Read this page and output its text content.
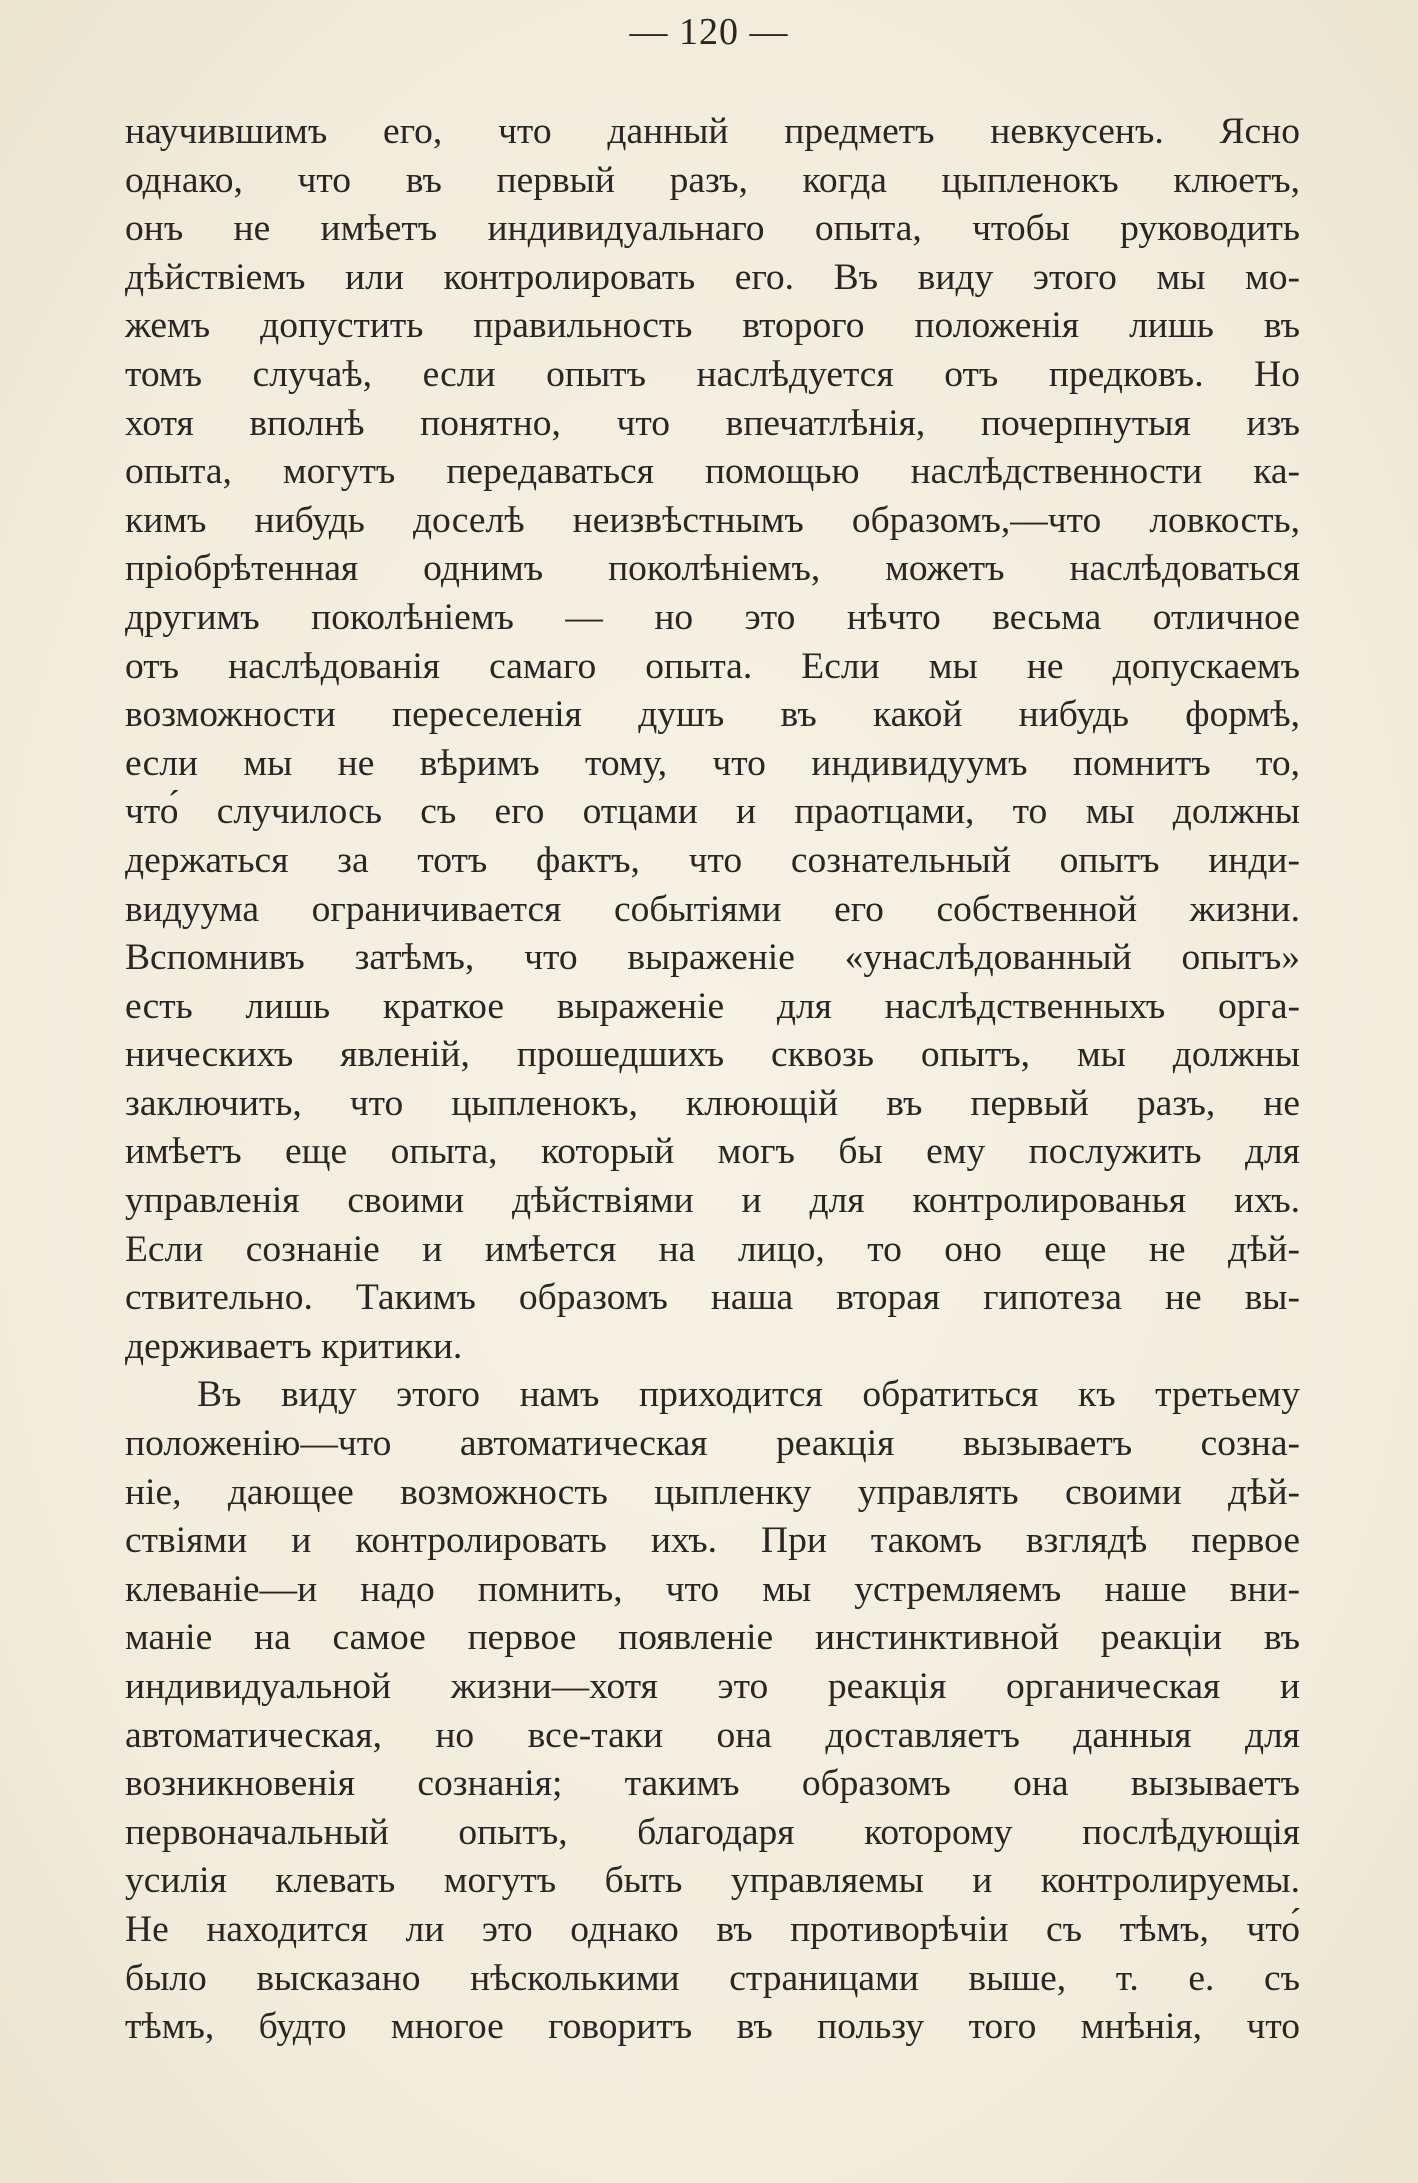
— 120 —
научившимъ его, что данный предметъ невкусенъ. Ясно
однако, что въ первый разъ, когда цыпленокъ клюетъ,
онъ не имѣетъ индивидуальнаго опыта, чтобы руководить
дѣйствіемъ или контролировать его. Въ виду этого мы мо-
жемъ допустить правильность второго положенія лишь въ
томъ случаѣ, если опытъ наслѣдуется отъ предковъ. Но
хотя вполнѣ понятно, что впечатлѣнія, почерпнутыя изъ
опыта, могутъ передаваться помощью наслѣдственности ка-
кимъ нибудь доселѣ неизвѣстнымъ образомъ,—что ловкость,
пріобрѣтенная однимъ поколѣніемъ, можетъ наслѣдоваться
другимъ поколѣніемъ — но это нѣчто весьма отличное
отъ наслѣдованія самаго опыта. Если мы не допускаемъ
возможности переселенія душъ въ какой нибудь формѣ,
если мы не вѣримъ тому, что индивидуумъ помнитъ то,
что́ случилось съ его отцами и праотцами, то мы должны
держаться за тотъ фактъ, что сознательный опытъ инди-
видуума ограничивается событіями его собственной жизни.
Вспомнивъ затѣмъ, что выраженіе «унаслѣдованный опытъ»
есть лишь краткое выраженіе для наслѣдственныхъ орга-
ническихъ явленій, прошедшихъ сквозь опытъ, мы должны
заключить, что цыпленокъ, клюющій въ первый разъ, не
имѣетъ еще опыта, который могъ бы ему послужить для
управленія своими дѣйствіями и для контролированья ихъ.
Если сознаніе и имѣется на лицо, то оно еще не дѣй-
ствительно. Такимъ образомъ наша вторая гипотеза не вы-
держиваетъ критики.
Въ виду этого намъ приходится обратиться къ третьему
положенію—что автоматическая реакція вызываетъ созна-
ніе, дающее возможность цыпленку управлять своими дѣй-
ствіями и контролировать ихъ. При такомъ взглядѣ первое
клеваніе—и надо помнить, что мы устремляемъ наше вни-
маніе на самое первое появленіе инстинктивной реакціи въ
индивидуальной жизни—хотя это реакція органическая и
автоматическая, но все-таки она доставляетъ данныя для
возникновенія сознанія; такимъ образомъ она вызываетъ
первоначальный опытъ, благодаря которому послѣдующія
усилія клевать могутъ быть управляемы и контролируемы.
Не находится ли это однако въ противорѣчіи съ тѣмъ, что́
было высказано нѣсколькими страницами выше, т. е. съ
тѣмъ, будто многое говоритъ въ пользу того мнѣнія, что
